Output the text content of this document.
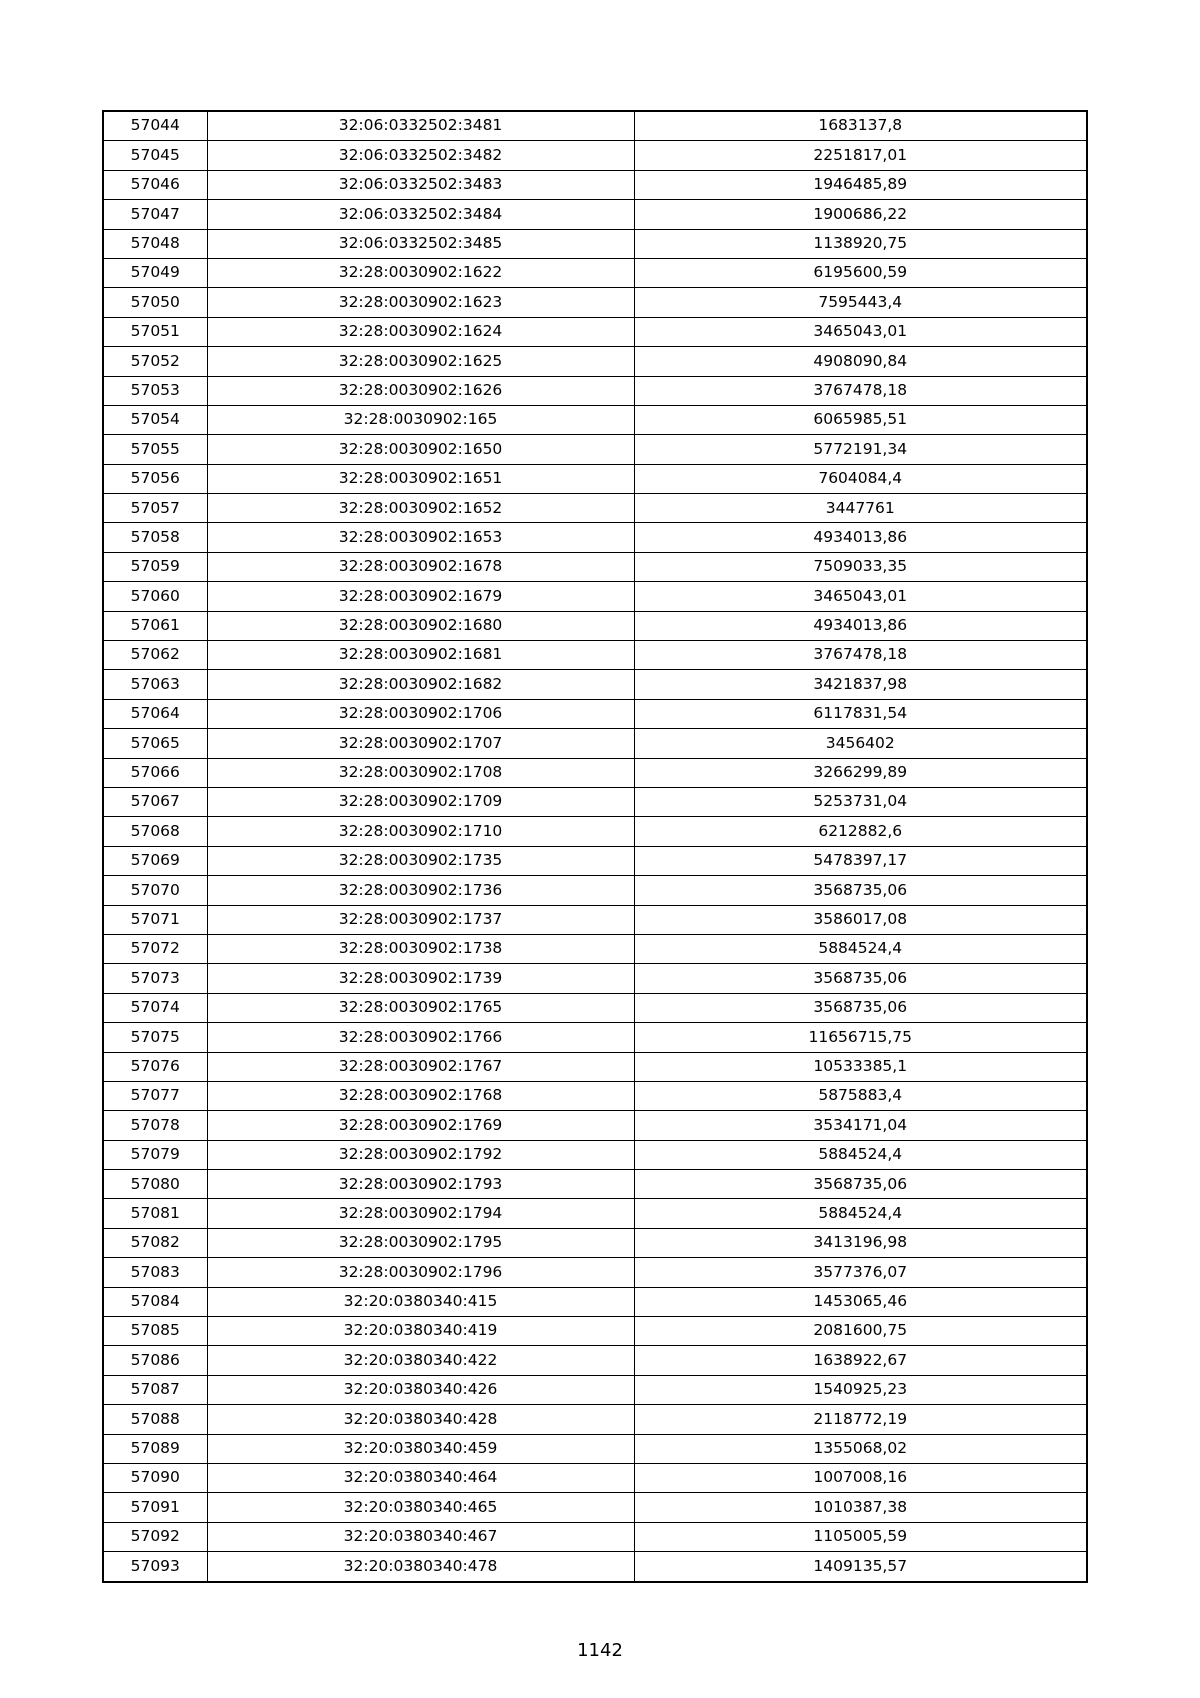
57044	32:06:0332502:3481	1683137,8
57045	32:06:0332502:3482	2251817,01
57046	32:06:0332502:3483	1946485,89
57047	32:06:0332502:3484	1900686,22
57048	32:06:0332502:3485	1138920,75
57049	32:28:0030902:1622	6195600,59
57050	32:28:0030902:1623	7595443,4
57051	32:28:0030902:1624	3465043,01
57052	32:28:0030902:1625	4908090,84
57053	32:28:0030902:1626	3767478,18
57054	32:28:0030902:165	6065985,51
57055	32:28:0030902:1650	5772191,34
57056	32:28:0030902:1651	7604084,4
57057	32:28:0030902:1652	3447761
57058	32:28:0030902:1653	4934013,86
57059	32:28:0030902:1678	7509033,35
57060	32:28:0030902:1679	3465043,01
57061	32:28:0030902:1680	4934013,86
57062	32:28:0030902:1681	3767478,18
57063	32:28:0030902:1682	3421837,98
57064	32:28:0030902:1706	6117831,54
57065	32:28:0030902:1707	3456402
57066	32:28:0030902:1708	3266299,89
57067	32:28:0030902:1709	5253731,04
57068	32:28:0030902:1710	6212882,6
57069	32:28:0030902:1735	5478397,17
57070	32:28:0030902:1736	3568735,06
57071	32:28:0030902:1737	3586017,08
57072	32:28:0030902:1738	5884524,4
57073	32:28:0030902:1739	3568735,06
57074	32:28:0030902:1765	3568735,06
57075	32:28:0030902:1766	11656715,75
57076	32:28:0030902:1767	10533385,1
57077	32:28:0030902:1768	5875883,4
57078	32:28:0030902:1769	3534171,04
57079	32:28:0030902:1792	5884524,4
57080	32:28:0030902:1793	3568735,06
57081	32:28:0030902:1794	5884524,4
57082	32:28:0030902:1795	3413196,98
57083	32:28:0030902:1796	3577376,07
57084	32:20:0380340:415	1453065,46
57085	32:20:0380340:419	2081600,75
57086	32:20:0380340:422	1638922,67
57087	32:20:0380340:426	1540925,23
57088	32:20:0380340:428	2118772,19
57089	32:20:0380340:459	1355068,02
57090	32:20:0380340:464	1007008,16
57091	32:20:0380340:465	1010387,38
57092	32:20:0380340:467	1105005,59
57093	32:20:0380340:478	1409135,57
1142
